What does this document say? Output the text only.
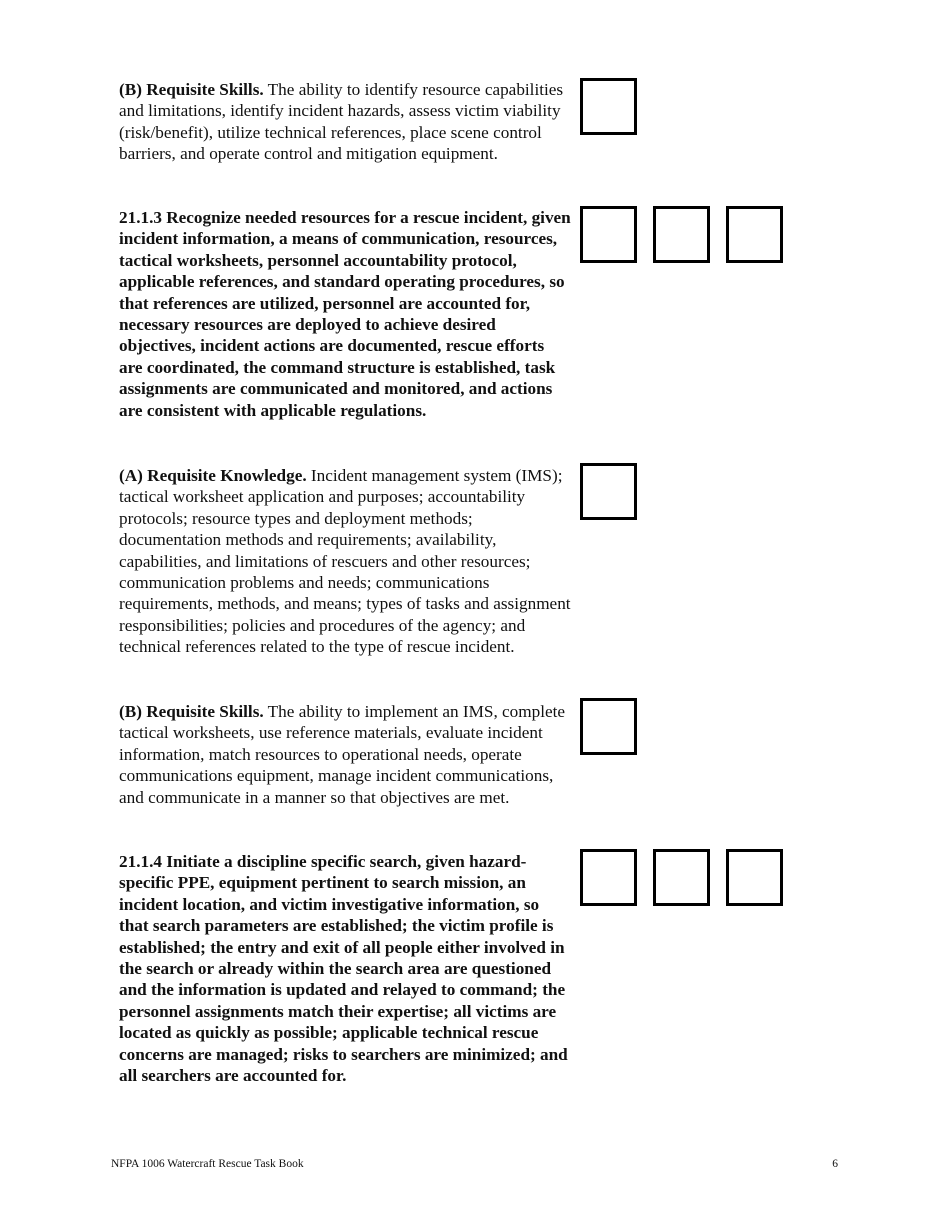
(B) Requisite Skills. The ability to identify resource capabilities and limitations, identify incident hazards, assess victim viability (risk/benefit), utilize technical references, place scene control barriers, and operate control and mitigation equipment.

21.1.3 Recognize needed resources for a rescue incident, given incident information, a means of communication, resources, tactical worksheets, personnel accountability protocol, applicable references, and standard operating procedures, so that references are utilized, personnel are accounted for, necessary resources are deployed to achieve desired objectives, incident actions are documented, rescue efforts are coordinated, the command structure is established, task assignments are communicated and monitored, and actions are consistent with applicable regulations.

(A) Requisite Knowledge. Incident management system (IMS); tactical worksheet application and purposes; accountability protocols; resource types and deployment methods; documentation methods and requirements; availability, capabilities, and limitations of rescuers and other resources; communication problems and needs; communications requirements, methods, and means; types of tasks and assignment responsibilities; policies and procedures of the agency; and technical references related to the type of rescue incident.

(B) Requisite Skills. The ability to implement an IMS, complete tactical worksheets, use reference materials, evaluate incident information, match resources to operational needs, operate communications equipment, manage incident communications, and communicate in a manner so that objectives are met.

21.1.4 Initiate a discipline specific search, given hazard-specific PPE, equipment pertinent to search mission, an incident location, and victim investigative information, so that search parameters are established; the victim profile is established; the entry and exit of all people either involved in the search or already within the search area are questioned and the information is updated and relayed to command; the personnel assignments match their expertise; all victims are located as quickly as possible; applicable technical rescue concerns are managed; risks to searchers are minimized; and all searchers are accounted for.

NFPA 1006 Watercraft Rescue Task Book	6
